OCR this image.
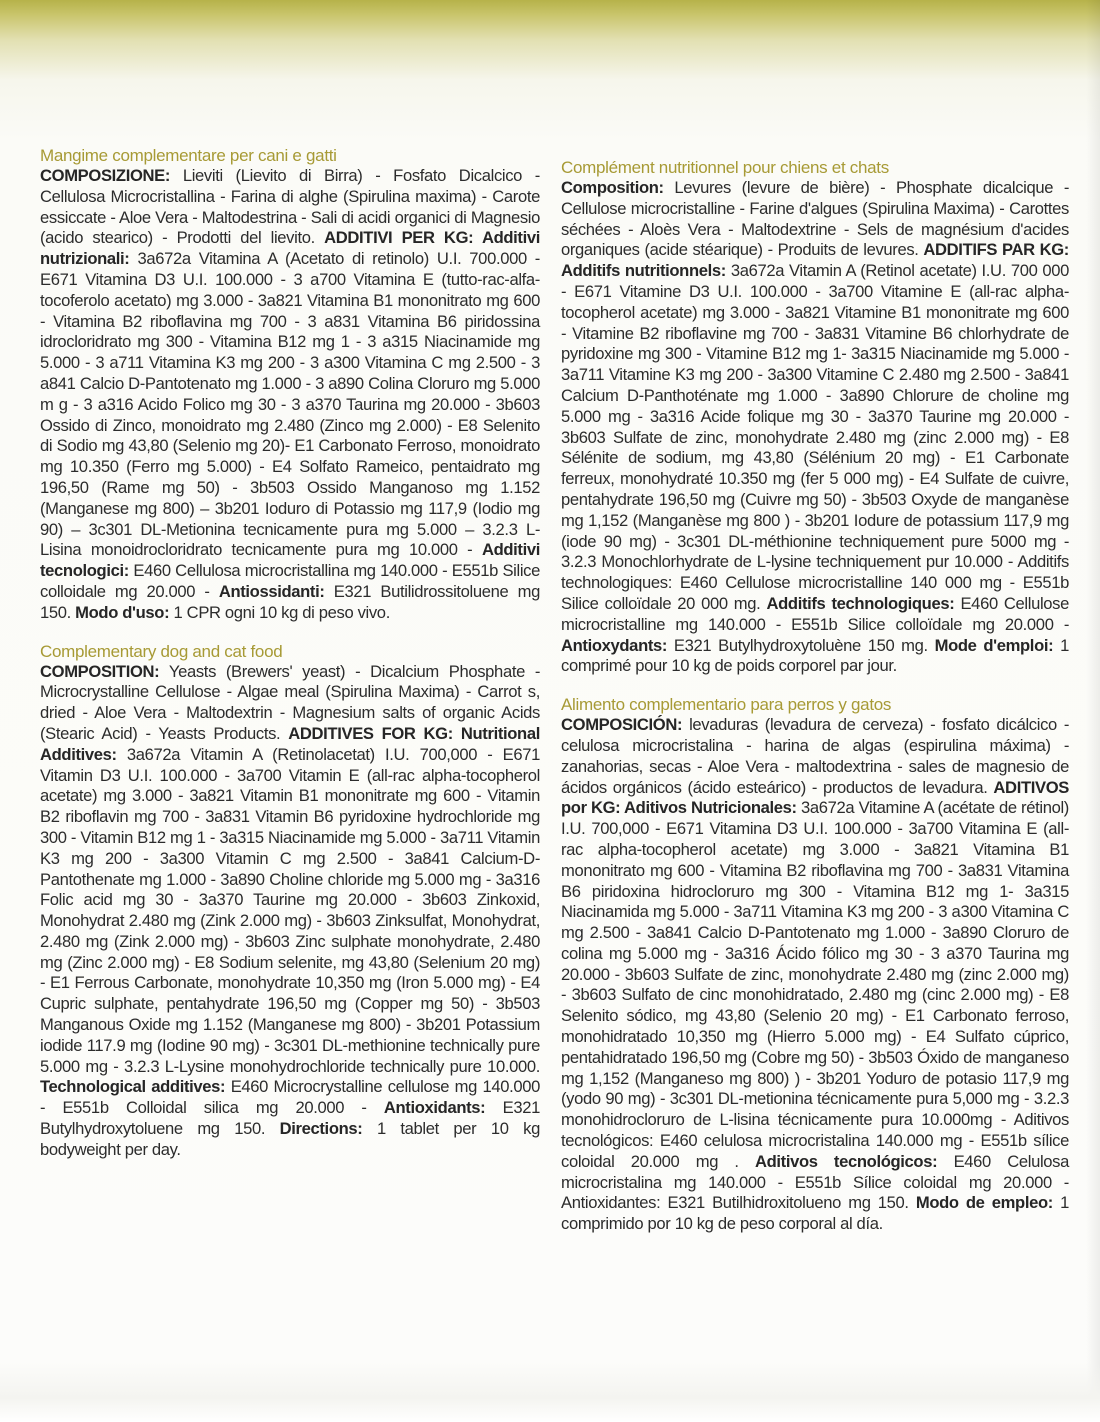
Mangime complementare per cani e gatti

COMPOSIZIONE: Lieviti (Lievito di Birra) - Fosfato Dicalcico - Cellulosa Microcristallina - Farina di alghe (Spirulina maxima) - Carote essiccate - Aloe Vera - Maltodestrina - Sali di acidi organici di Magnesio (acido stearico) - Prodotti del lievito. ADDITIVI PER KG: Additivi nutrizionali: 3a672a Vitamina A (Acetato di retinolo) U.I. 700.000 - E671 Vitamina D3 U.I. 100.000 - 3 a700 Vitamina E (tutto-rac-alfa-tocoferolo acetato) mg 3.000 - 3a821 Vitamina B1 mononitrato mg 600 - Vitamina B2 riboflavina mg 700 - 3 a831 Vitamina B6 piridossina idrocloridrato mg 300 - Vitamina B12 mg 1 - 3 a315 Niacinamide mg 5.000 - 3 a711 Vitamina K3 mg 200 - 3 a300 Vitamina C mg 2.500 - 3 a841 Calcio D-Pantotenato mg 1.000 - 3 a890 Colina Cloruro mg 5.000 m g - 3 a316 Acido Folico mg 30 - 3 a370 Taurina mg 20.000 - 3b603 Ossido di Zinco, monoidrato mg 2.480 (Zinco mg 2.000) - E8 Selenito di Sodio mg 43,80 (Selenio mg 20)- E1 Carbonato Ferroso, monoidrato mg 10.350 (Ferro mg 5.000) - E4 Solfato Rameico, pentaidrato mg 196,50 (Rame mg 50) - 3b503 Ossido Manganoso mg 1.152 (Manganese mg 800) – 3b201 Ioduro di Potassio mg 117,9 (Iodio mg 90) – 3c301 DL-Metionina tecnicamente pura mg 5.000 – 3.2.3 L-Lisina monoidrocloridrato tecnicamente pura mg 10.000 - Additivi tecnologici: E460 Cellulosa microcristallina mg 140.000 - E551b Silice colloidale mg 20.000 - Antiossidanti: E321 Butilidrossitoluene mg 150. Modo d'uso: 1 CPR ogni 10 kg di peso vivo.

Complementary dog and cat food

COMPOSITION: Yeasts (Brewers' yeast) - Dicalcium Phosphate - Microcrystalline Cellulose - Algae meal (Spirulina Maxima) - Carrot s, dried - Aloe Vera - Maltodextrin - Magnesium salts of organic Acids (Stearic Acid) - Yeasts Products. ADDITIVES FOR KG: Nutritional Additives: 3a672a Vitamin A (Retinolacetat) I.U. 700,000 - E671 Vitamin D3 U.I. 100.000 - 3a700 Vitamin E (all-rac alpha-tocopherol acetate) mg 3.000 - 3a821 Vitamin B1 mononitrate mg 600 - Vitamin B2 riboflavin mg 700 - 3a831 Vitamin B6 pyridoxine hydrochloride mg 300 - Vitamin B12 mg 1 - 3a315 Niacinamide mg 5.000 - 3a711 Vitamin K3 mg 200 - 3a300 Vitamin C mg 2.500 - 3a841 Calcium-D-Pantothenate mg 1.000 - 3a890 Choline chloride mg 5.000 mg - 3a316 Folic acid mg 30 - 3a370 Taurine mg 20.000 - 3b603 Zinkoxid, Monohydrat 2.480 mg (Zink 2.000 mg) - 3b603 Zinksulfat, Monohydrat, 2.480 mg (Zink 2.000 mg) - 3b603 Zinc sulphate monohydrate, 2.480 mg (Zinc 2.000 mg) - E8 Sodium selenite, mg 43,80 (Selenium 20 mg) - E1 Ferrous Carbonate, monohydrate 10,350 mg (Iron 5.000 mg) - E4 Cupric sulphate, pentahydrate 196,50 mg (Copper mg 50) - 3b503 Manganous Oxide mg 1.152 (Manganese mg 800) - 3b201 Potassium iodide 117.9 mg (Iodine 90 mg) - 3c301 DL-methionine technically pure 5.000 mg - 3.2.3 L-Lysine monohydrochloride technically pure 10.000. Technological additives: E460 Microcrystalline cellulose mg 140.000 - E551b Colloidal silica mg 20.000 - Antioxidants: E321 Butylhydroxytoluene mg 150. Directions: 1 tablet per 10 kg bodyweight per day.

Complément nutritionnel pour chiens et chats

Composition: Levures (levure de bière) - Phosphate dicalcique - Cellulose microcristalline - Farine d'algues (Spirulina Maxima) - Carottes séchées - Aloès Vera - Maltodextrine - Sels de magnésium d'acides organiques (acide stéarique) - Produits de levures. ADDITIFS PAR KG: Additifs nutritionnels: 3a672a Vitamin A (Retinol acetate) I.U. 700 000 - E671 Vitamine D3 U.I. 100.000 - 3a700 Vitamine E (all-rac alpha-tocopherol acetate) mg 3.000 - 3a821 Vitamine B1 mononitrate mg 600 - Vitamine B2 riboflavine mg 700 - 3a831 Vitamine B6 chlorhydrate de pyridoxine mg 300 - Vitamine B12 mg 1- 3a315 Niacinamide mg 5.000 - 3a711 Vitamine K3 mg 200 - 3a300 Vitamine C 2.480 mg 2.500 - 3a841 Calcium D-Panthoténate mg 1.000 - 3a890 Chlorure de choline mg 5.000 mg - 3a316 Acide folique mg 30 - 3a370 Taurine mg 20.000 - 3b603 Sulfate de zinc, monohydrate 2.480 mg (zinc 2.000 mg) - E8 Sélénite de sodium, mg 43,80 (Sélénium 20 mg) - E1 Carbonate ferreux, monohydraté 10.350 mg (fer 5 000 mg) - E4 Sulfate de cuivre, pentahydrate 196,50 mg (Cuivre mg 50) - 3b503 Oxyde de manganèse mg 1,152 (Manganèse mg 800 ) - 3b201 Iodure de potassium 117,9 mg (iode 90 mg) - 3c301 DL-méthionine techniquement pure 5000 mg - 3.2.3 Monochlorhydrate de L-lysine techniquement pur 10.000 - Additifs technologiques: E460 Cellulose microcristalline 140 000 mg - E551b Silice colloïdale 20 000 mg. Additifs technologiques: E460 Cellulose microcristalline mg 140.000 - E551b Silice colloïdale mg 20.000 - Antioxydants: E321 Butylhydroxytoluène 150 mg. Mode d'emploi: 1 comprimé pour 10 kg de poids corporel par jour.

Alimento complementario para perros y gatos

COMPOSICIÓN: levaduras (levadura de cerveza) - fosfato dicálcico - celulosa microcristalina - harina de algas (espirulina máxima) - zanahorias, secas - Aloe Vera - maltodextrina - sales de magnesio de ácidos orgánicos (ácido esteárico) - productos de levadura. ADITIVOS por KG: Aditivos Nutricionales: 3a672a Vitamine A (acétate de rétinol) I.U. 700,000 - E671 Vitamina D3 U.I. 100.000 - 3a700 Vitamina E (all-rac alpha-tocopherol acetate) mg 3.000 - 3a821 Vitamina B1 mononitrato mg 600 - Vitamina B2 riboflavina mg 700 - 3a831 Vitamina B6 piridoxina hidrocloruro mg 300 - Vitamina B12 mg 1- 3a315 Niacinamida mg 5.000 - 3a711 Vitamina K3 mg 200 - 3 a300 Vitamina C mg 2.500 - 3a841 Calcio D-Pantotenato mg 1.000 - 3a890 Cloruro de colina mg 5.000 mg - 3a316 Ácido fólico mg 30 - 3 a370 Taurina mg 20.000 - 3b603 Sulfate de zinc, monohydrate 2.480 mg (zinc 2.000 mg) - 3b603 Sulfato de cinc monohidratado, 2.480 mg (cinc 2.000 mg) - E8 Selenito sódico, mg 43,80 (Selenio 20 mg) - E1 Carbonato ferroso, monohidratado 10,350 mg (Hierro 5.000 mg) - E4 Sulfato cúprico, pentahidratado 196,50 mg (Cobre mg 50) - 3b503 Óxido de manganeso mg 1,152 (Manganeso mg 800) ) - 3b201 Yoduro de potasio 117,9 mg (yodo 90 mg) - 3c301 DL-metionina técnicamente pura 5,000 mg - 3.2.3 monohidrocloruro de L-lisina técnicamente pura 10.000mg - Aditivos tecnológicos: E460 celulosa microcristalina 140.000 mg - E551b sílice coloidal 20.000 mg . Aditivos tecnológicos: E460 Celulosa microcristalina mg 140.000 - E551b Sílice coloidal mg 20.000 - Antioxidantes: E321 Butilhidroxitolueno mg 150. Modo de empleo: 1 comprimido por 10 kg de peso corporal al día.
